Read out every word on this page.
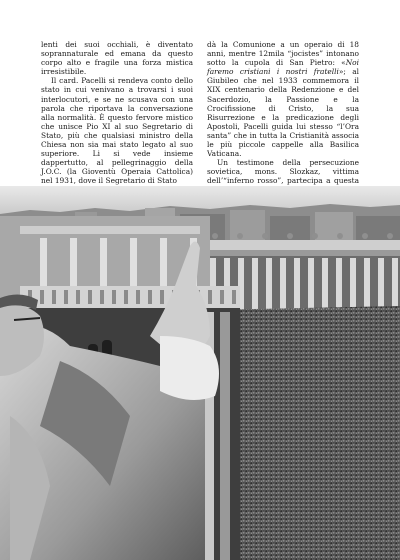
lenti dei suoi occhiali, è diventato soprannaturale ed emana da questo corpo alto e fragile una forza mistica irresistibile.

Il card. Pacelli si rendeva conto dello stato in cui venivano a trovarsi i suoi interlocutori, e se ne scusava con una parola che riportava la conversazione alla normalità. È questo fervore mistico che unisce Pio XI al suo Segretario di Stato, più che qualsiasi ministro della Chiesa non sia mai stato legato al suo superiore. Li si vede insieme dappertutto, al pellegrinaggio della J.O.C. (la Gioventù Operaia Cattolica) nel 1931, dove il Segretario di Stato

dà la Comunione a un operaio di 18 anni, mentre 12mila “jocistes” intonano sotto la cupola di San Pietro: «Noi faremo cristiani i nostri fratelli»; al Giubileo che nel 1933 commemora il XIX centenario della Redenzione e del Sacerdozio, la Passione e la Crocifissione di Cristo, la sua Risurrezione e la predicazione degli Apostoli, Pacelli guida lui stesso “l’Ora santa” che in tutta la Cristianità associa le più piccole cappelle alla Basilica Vaticana.

Un testimone della persecuzione sovietica, mons. Slozkaz, vittima dell’“inferno rosso”, partecipa a questa
